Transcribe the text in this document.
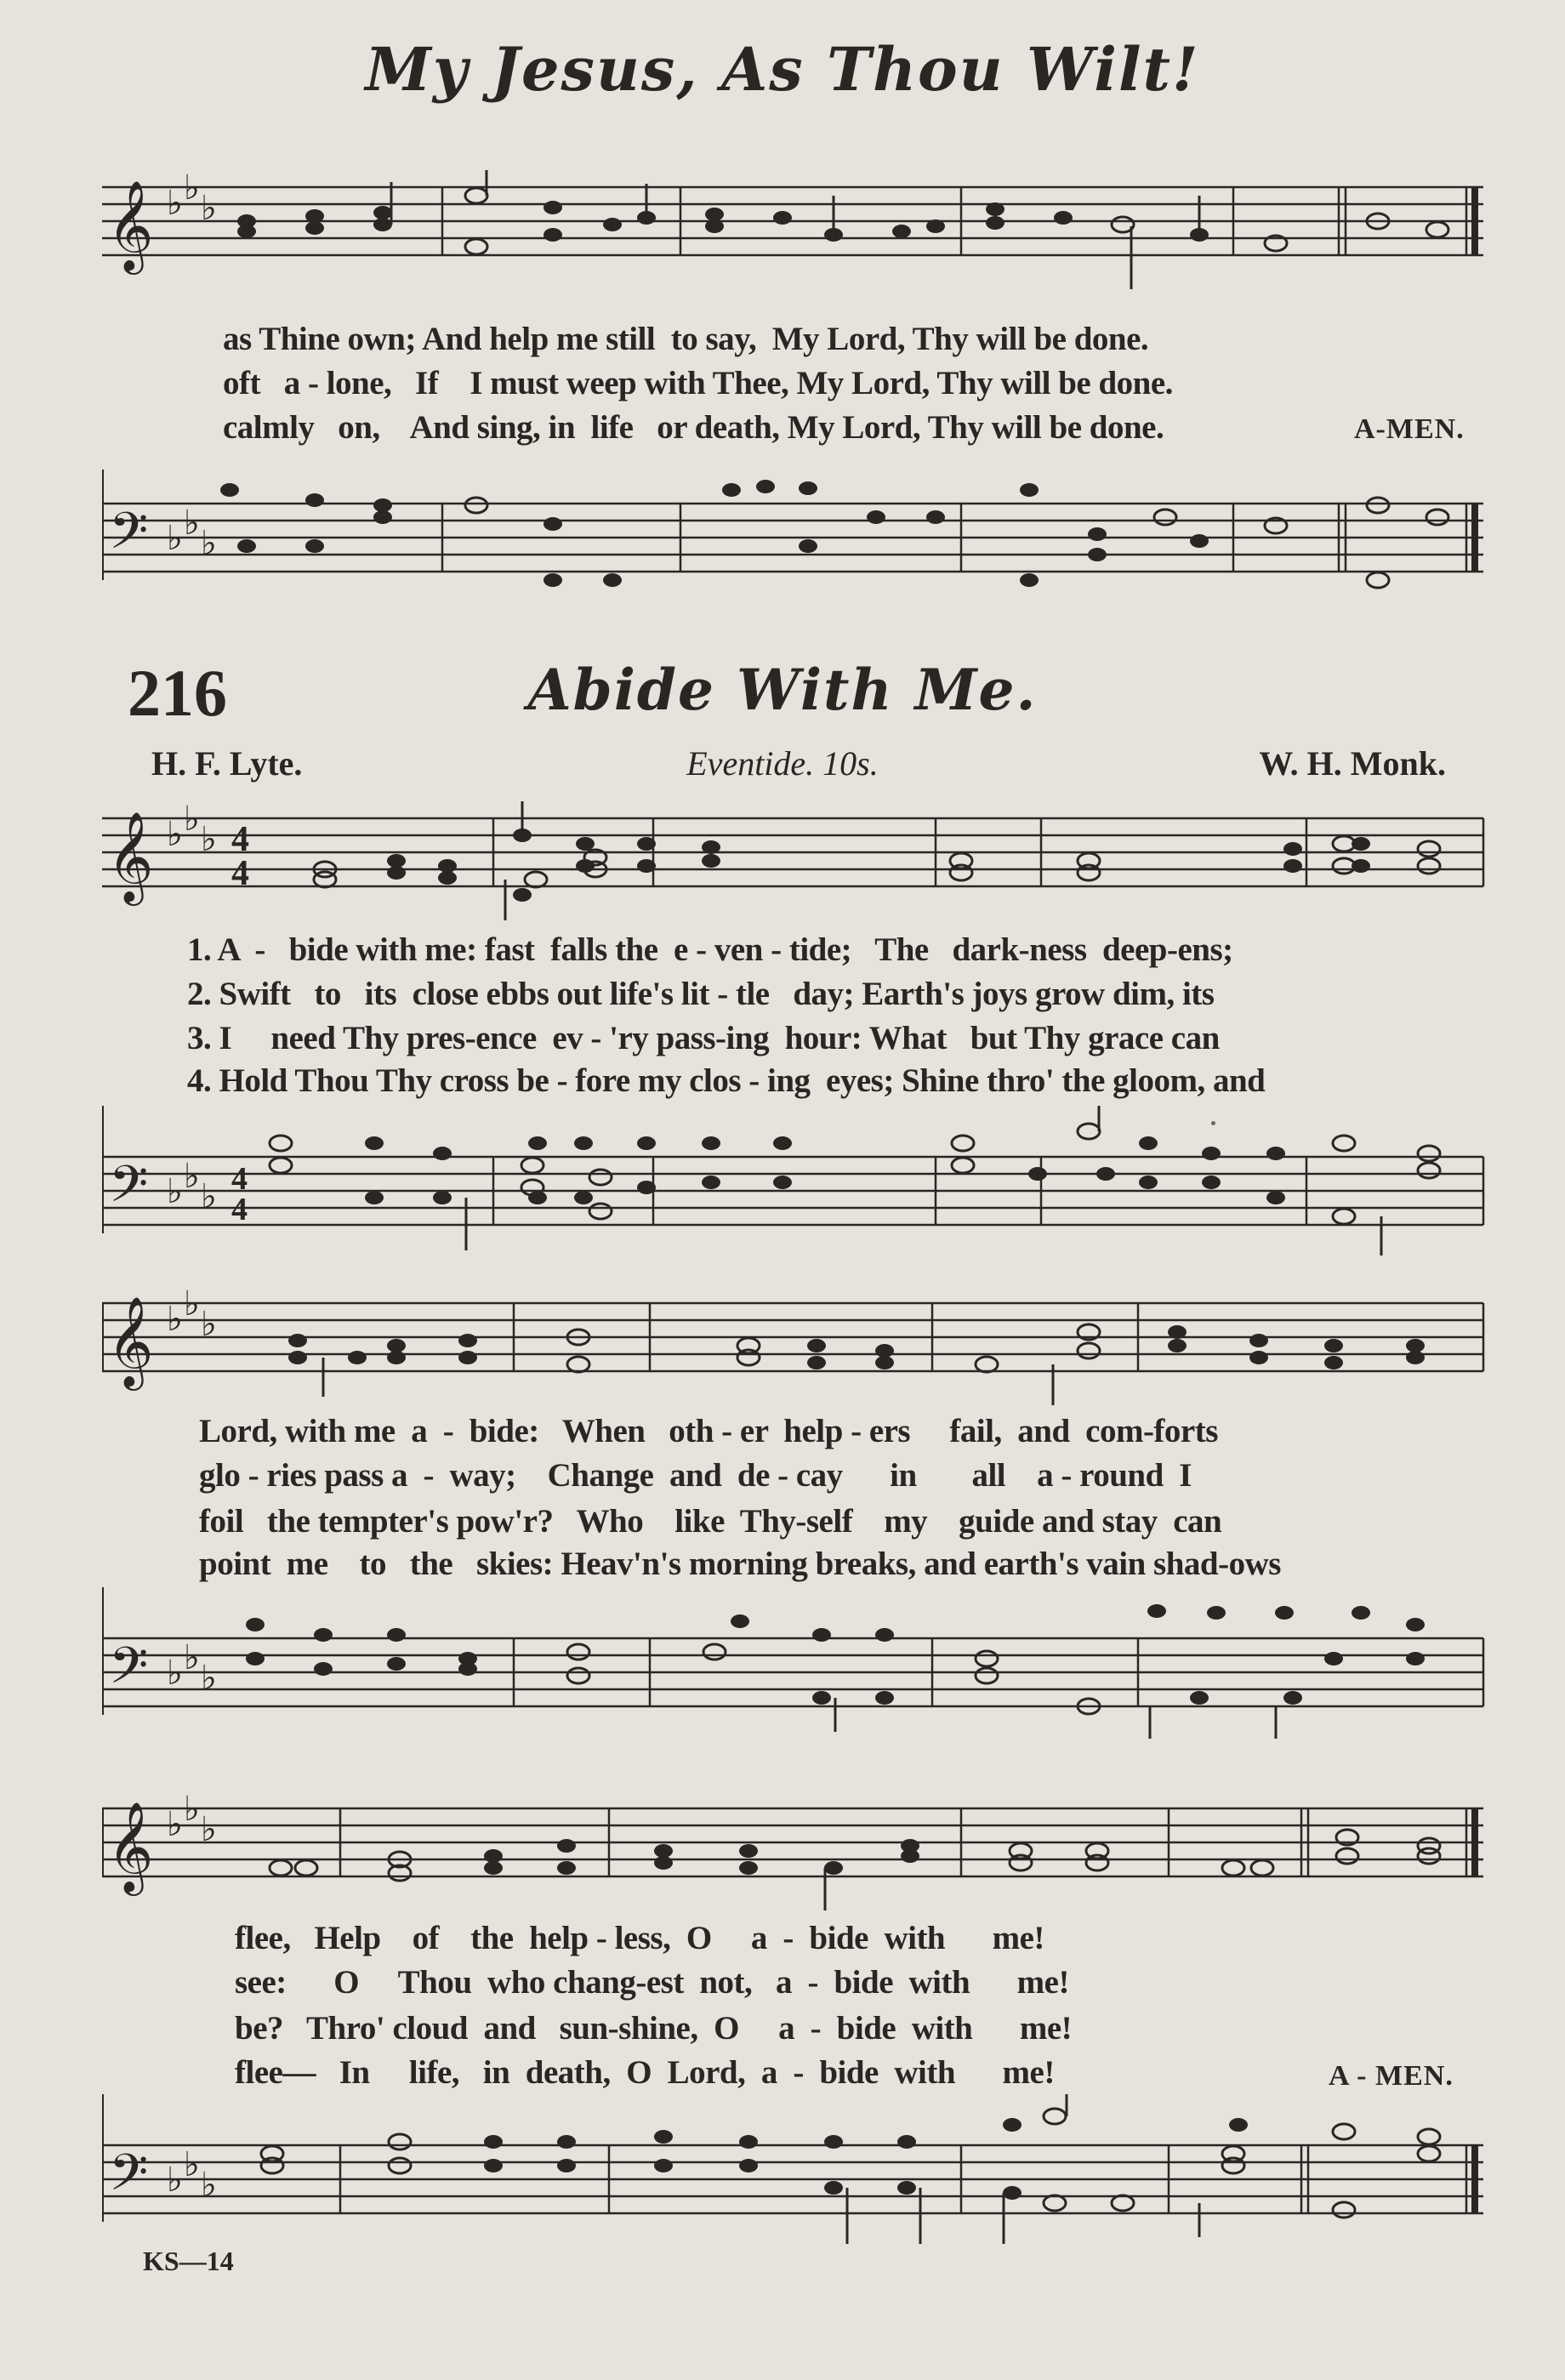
My Jesus, As Thou Wilt!
𝄞 ♭ ♭
♭
as Thine own; And help me still  to say,  My Lord, Thy will be done.
oft   a - lone,   If    I must weep with Thee, My Lord, Thy will be done.
calmly   on,    And sing, in  life   or death, My Lord, Thy will be done.	A-MEN.
𝄢 ♭ ♭
♭
216	Abide With Me.
H. F. Lyte.	Eventide. 10s.	W. H. Monk.
𝄞 ♭ ♭
♭ 4
4
1. A  -   bide with me: fast  falls the  e - ven - tide;   The   dark-ness  deep-ens;
2. Swift   to   its  close ebbs out life's lit - tle   day; Earth's joys grow dim, its
3. I     need Thy pres-ence  ev - 'ry pass-ing  hour: What   but Thy grace can
4. Hold Thou Thy cross be - fore my clos - ing  eyes; Shine thro' the gloom, and
𝄢 ♭ ♭
♭ 4
4
𝄞 ♭ ♭
♭
Lord, with me  a  -  bide:   When   oth - er  help - ers     fail,  and  com-forts
glo - ries pass a  -  way;    Change  and  de - cay      in       all    a - round  I
foil   the tempter's pow'r?   Who    like  Thy-self    my    guide and stay  can
point  me    to   the   skies: Heav'n's morning breaks, and earth's vain shad-ows
𝄢 ♭ ♭
♭
𝄞 ♭ ♭
♭
flee,   Help    of    the  help - less,  O     a  -  bide  with      me!
see:      O     Thou  who chang-est  not,   a  -  bide  with      me!
be?   Thro' cloud  and   sun-shine,  O     a  -  bide  with      me!
flee—   In     life,   in  death,  O  Lord,  a  -  bide  with      me!	A - MEN.
𝄢 ♭ ♭
♭
KS—14
